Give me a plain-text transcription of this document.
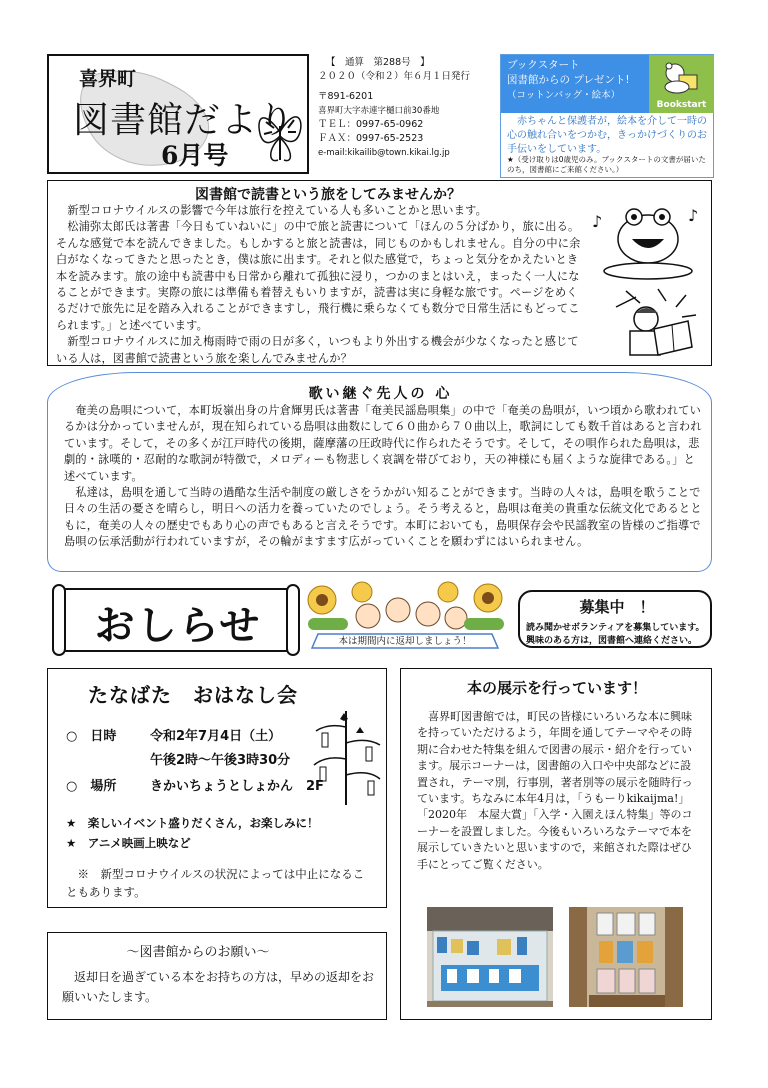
喜界町
図書館だより
6月号
【　通算　第288号　】
２０２０（令和２）年６月１日発行
〒891-6201
喜界町大字赤連字樋口前30番地
ＴＥＬ：0997-65-0962
ＦＡＸ：0997-65-2523
e-mail:kikailib@town.kikai.lg.jp
ブックスタート
図書館からの プレゼント!
（コットンバッグ・絵本）
Bookstart
赤ちゃんと保護者が，絵本を介して一時の心の触れ合いをつかむ，きっかけづくりのお手伝いをしています。
★（受け取りは0歳児のみ。ブックスタートの文書が届いたのち，図書館にご来館ください。）
図書館で読書という旅をしてみませんか？

新型コロナウイルスの影響で今年は旅行を控えている人も多いことかと思います。

松浦弥太郎氏は著書「今日もていねいに」の中で旅と読書について「ほんの５分ばかり，旅に出る。そんな感覚で本を読んできました。もしかすると旅と読書は，同じものかもしれません。自分の中に余白がなくなってきたと思ったとき，僕は旅に出ます。それと似た感覚で，ちょっと気分をかえたいとき本を読みます。旅の途中も読書中も日常から離れて孤独に浸り，つかのまとはいえ，まったく一人になることができます。実際の旅には準備も着替えもいりますが，読書は実に身軽な旅です。ページをめくるだけで旅先に足を踏み入れることができますし，飛行機に乗らなくても数分で日常生活にもどってこられます。」と述べています。

新型コロナウイルスに加え梅雨時で雨の日が多く，いつもより外出する機会が少なくなったと感じている人は，図書館で読書という旅を楽しんでみませんか？

♪	♪
歌い継ぐ先人の 心

奄美の島唄について，本町坂嶺出身の片倉輝男氏は著書「奄美民謡島唄集」の中で「奄美の島唄が，いつ頃から歌われているかは分かっていませんが，現在知られている島唄は曲数にして６０曲から７０曲以上，歌詞にしても数千首はあると言われています。そして，その多くが江戸時代の後期，薩摩藩の圧政時代に作られたそうです。そして，その唄作られた島唄は，悲劇的・詠嘆的・忍耐的な歌詞が特徴で，メロディーも物悲しく哀調を帯びており，天の神様にも届くような旋律である。」と述べています。

私達は，島唄を通して当時の過酷な生活や制度の厳しさをうかがい知ることができます。当時の人々は，島唄を歌うことで日々の生活の憂さを晴らし，明日への活力を養っていたのでしょう。そう考えると，島唄は奄美の貴重な伝統文化であるとともに，奄美の人々の歴史でもあり心の声でもあると言えそうです。本町においても，島唄保存会や民謡教室の皆様のご指導で島唄の伝承活動が行われていますが，その輪がますます広がっていくことを願わずにはいられません。

おしらせ	本は期間内に返却しましょう！
募集中　！
読み聞かせボランティアを募集しています。
興味のある方は，図書館へ連絡ください。
たなばた　おはなし会
○　日時	令和2年7月4日（土）
午後2時～午後3時30分
○　場所	きかいちょうとしょかん　2F
★　楽しいイベント盛りだくさん，お楽しみに！
★　アニメ映画上映など
※　新型コロナウイルスの状況によっては中止になることもあります。
～図書館からのお願い～
返却日を過ぎている本をお持ちの方は，早めの返却をお願いいたします。
本の展示を行っています！
喜界町図書館では，町民の皆様にいろいろな本に興味を持っていただけるよう，年間を通してテーマやその時期に合わせた特集を組んで図書の展示・紹介を行っています。展示コーナーは，図書館の入口や中央部などに設置され，テーマ別，行事別，著者別等の展示を随時行っています。ちなみに本年4月は，「うもーりkikaijma!」「2020年　本屋大賞」「入学・入園えほん特集」等のコーナーを設置しました。今後もいろいろなテーマで本を展示していきたいと思いますので，来館された際はぜひ手にとってご覧ください。
